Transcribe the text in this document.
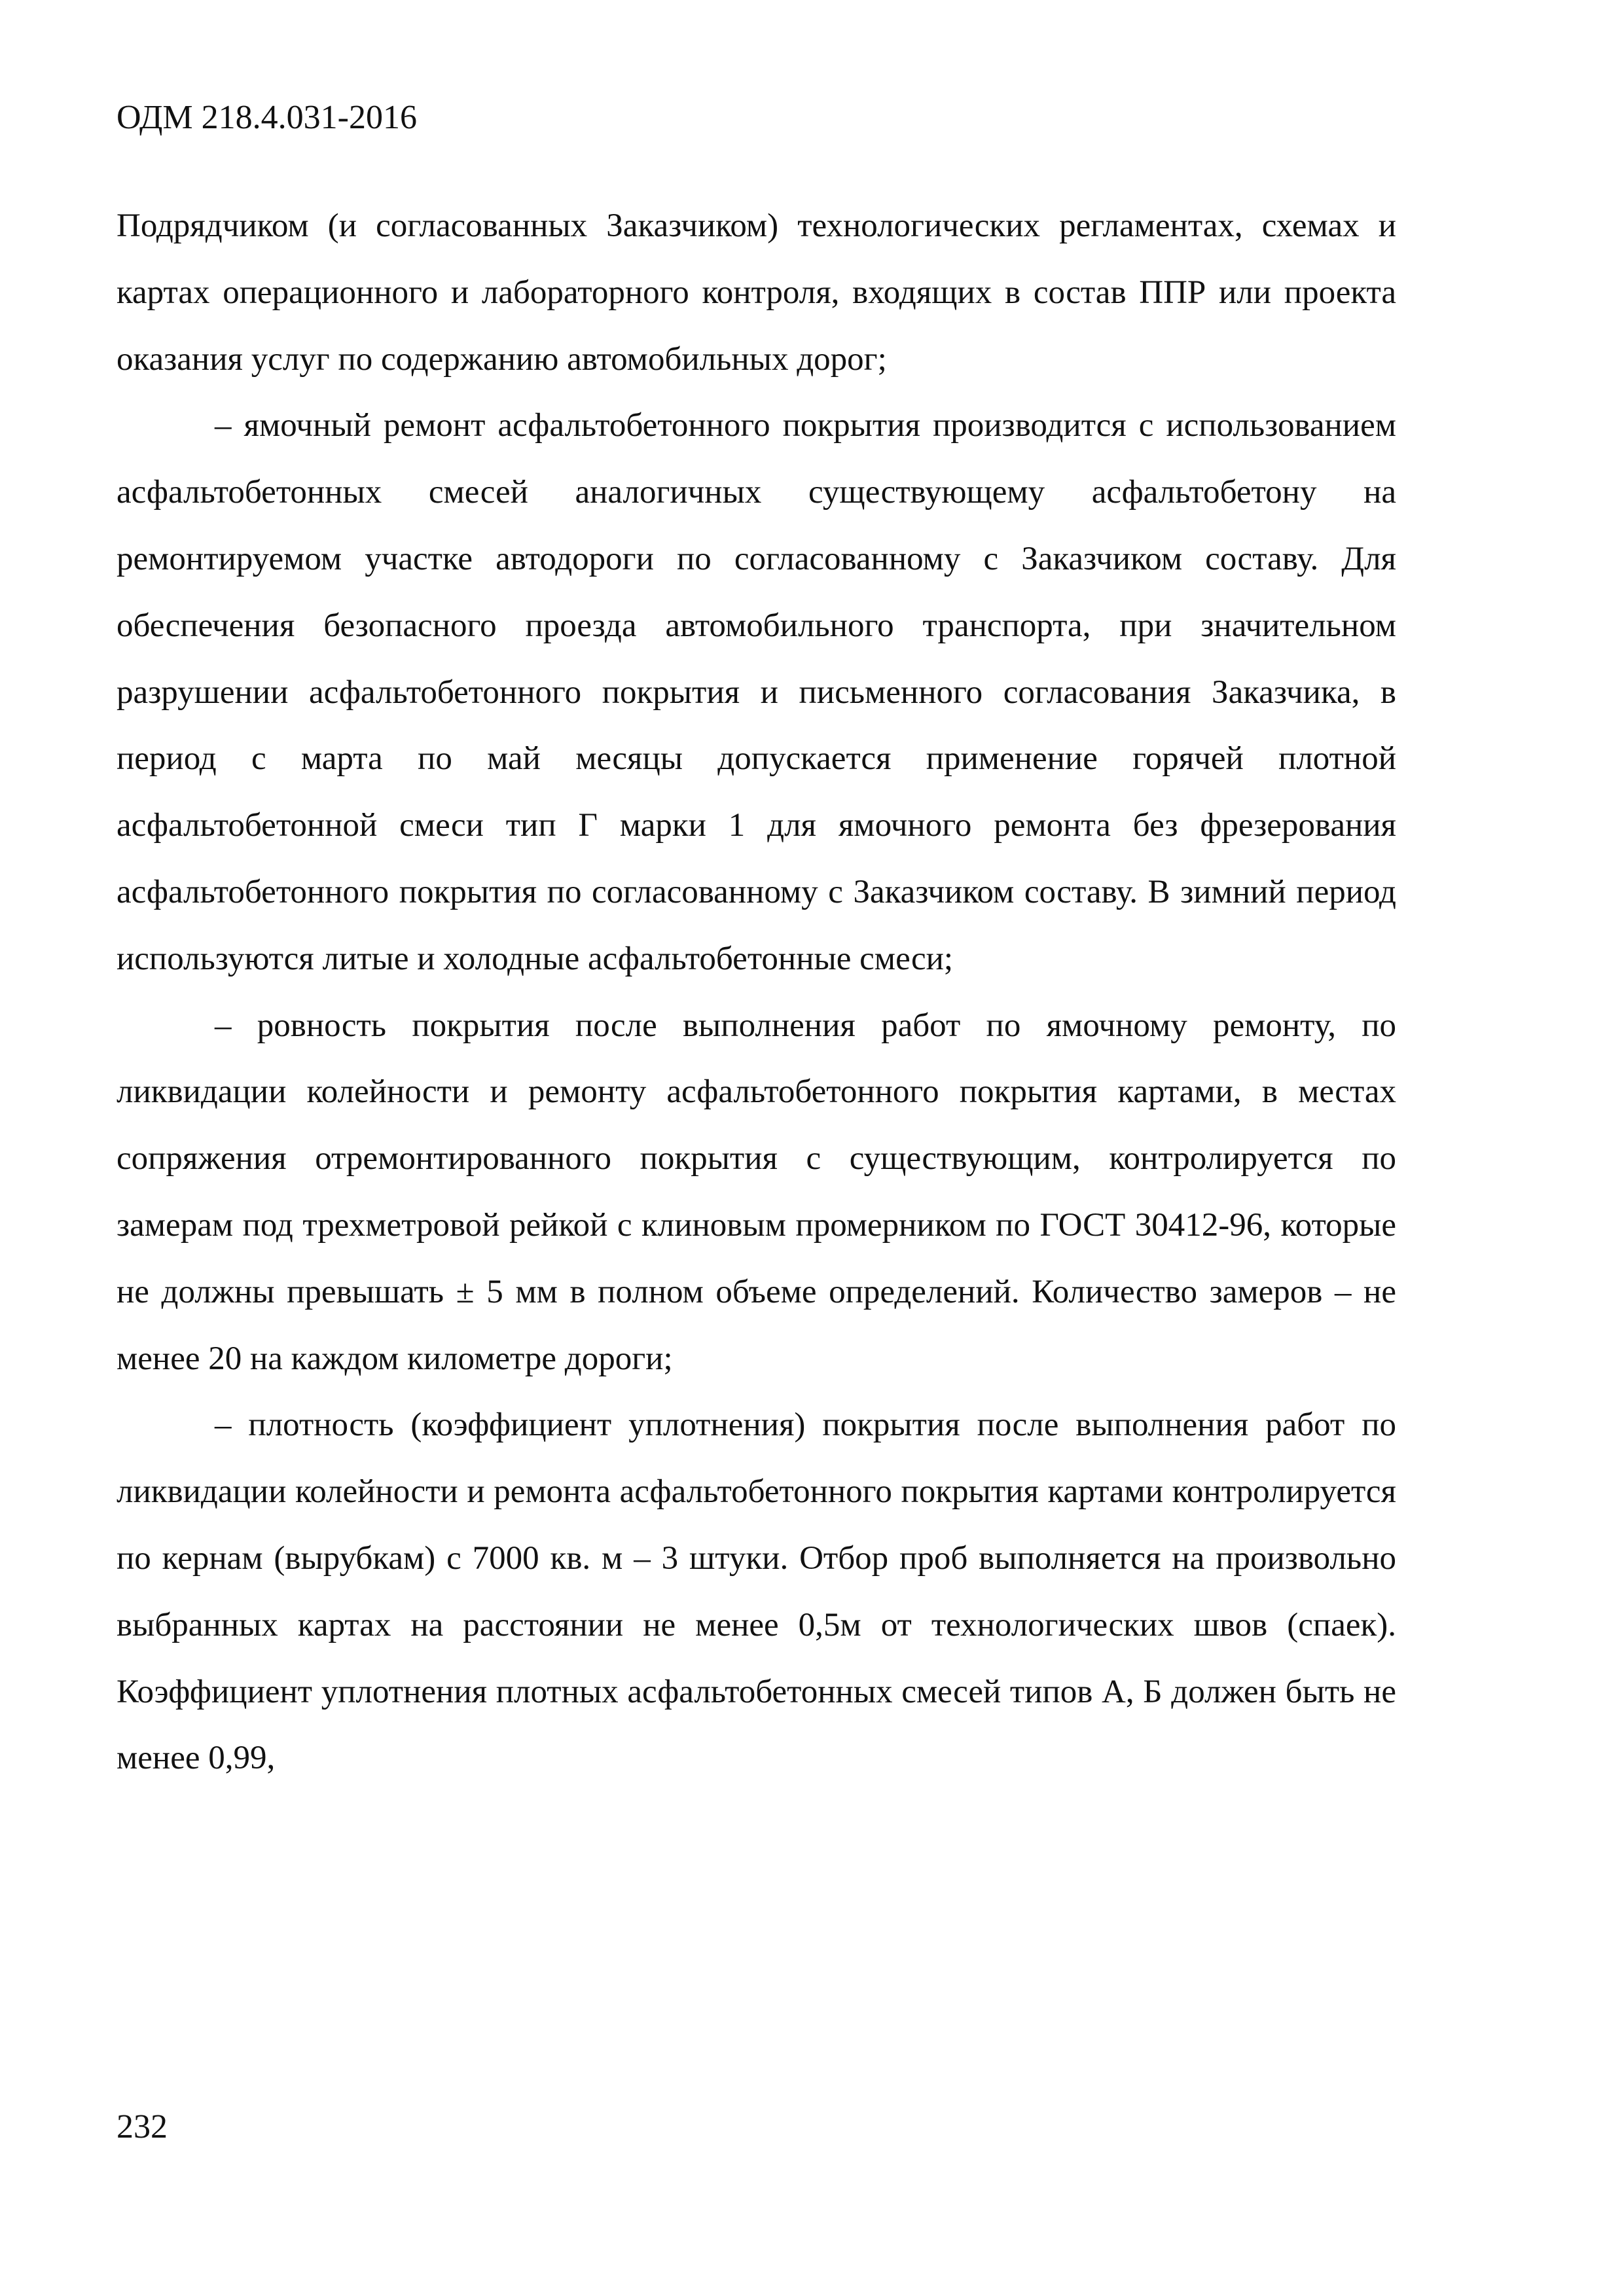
ОДМ 218.4.031-2016

Подрядчиком (и согласованных Заказчиком) технологических регламентах, схемах и картах операционного и лабораторного контроля, входящих в состав ППР или проекта оказания услуг по содержанию автомобильных дорог;

– ямочный ремонт асфальтобетонного покрытия производится с использованием асфальтобетонных смесей аналогичных существующему асфальтобетону на ремонтируемом участке автодороги по согласованному с Заказчиком составу. Для обеспечения безопасного проезда автомобильного транспорта, при значительном разрушении асфальтобетонного покрытия и письменного согласования Заказчика, в период с марта по май месяцы допускается применение горячей плотной асфальтобетонной смеси тип Г марки 1 для ямочного ремонта без фрезерования асфальтобетонного покрытия по согласованному с Заказчиком составу. В зимний период используются литые и холодные асфальтобетонные смеси;

– ровность покрытия после выполнения работ по ямочному ремонту, по ликвидации колейности и ремонту асфальтобетонного покрытия картами, в местах сопряжения отремонтированного покрытия с существующим, контролируется по замерам под трехметровой рейкой с клиновым промерником по ГОСТ 30412-96, которые не должны превышать ± 5 мм в полном объеме определений. Количество замеров – не менее 20 на каждом километре дороги;

– плотность (коэффициент уплотнения) покрытия после выполнения работ по ликвидации колейности и ремонта асфальтобетонного покрытия картами контролируется по кернам (вырубкам) с 7000 кв. м – 3 штуки. Отбор проб выполняется на произвольно выбранных картах на расстоянии не менее 0,5м от технологических швов (спаек). Коэффициент уплотнения плотных асфальтобетонных смесей типов А, Б должен быть не менее 0,99,

232
